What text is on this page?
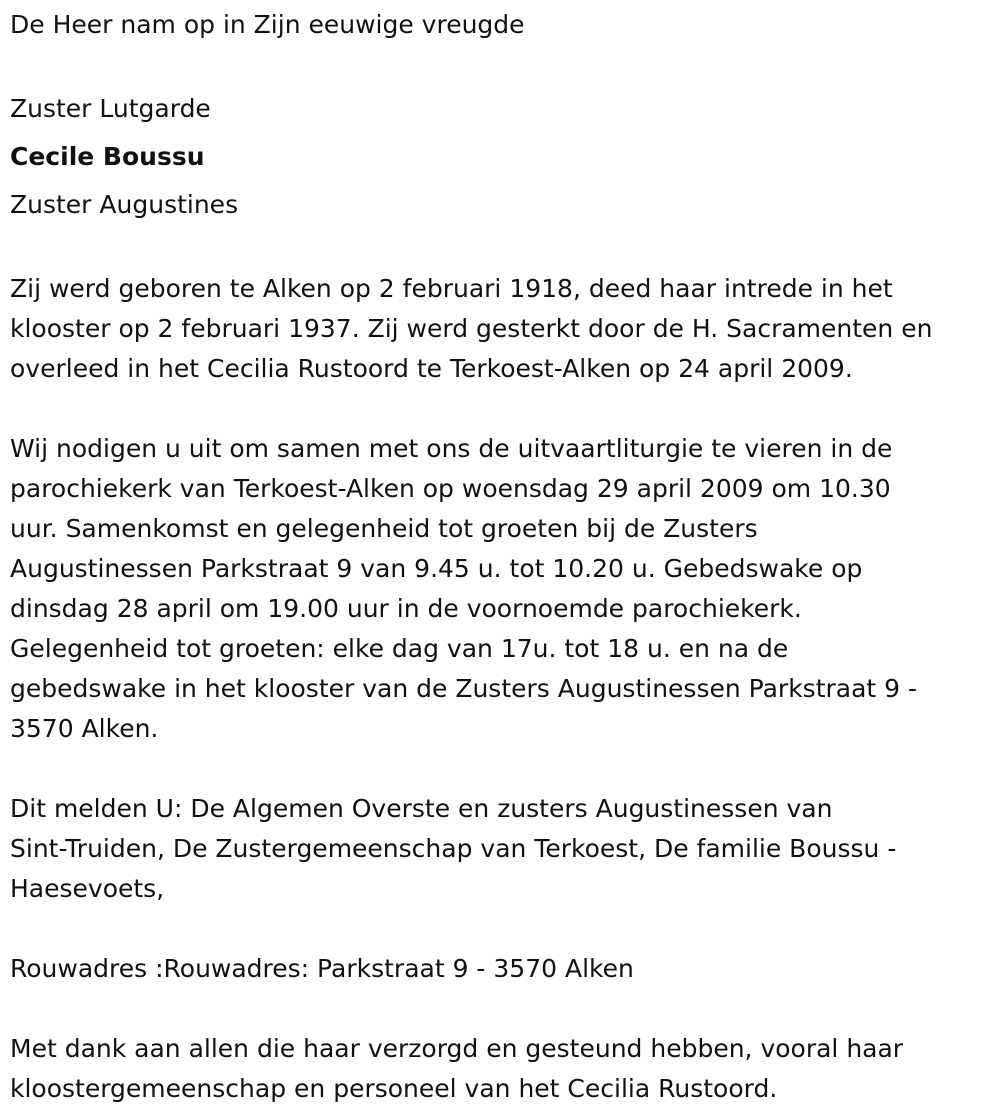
De Heer nam op in Zijn eeuwige vreugde

Zuster Lutgarde

Cecile Boussu

Zuster Augustines

Zij werd geboren te Alken op 2 februari 1918, deed haar intrede in het
klooster op 2 februari 1937. Zij werd gesterkt door de H. Sacramenten en
overleed in het Cecilia Rustoord te Terkoest-Alken op 24 april 2009.

Wij nodigen u uit om samen met ons de uitvaartliturgie te vieren in de
parochiekerk van Terkoest-Alken op woensdag 29 april 2009 om 10.30
uur. Samenkomst en gelegenheid tot groeten bij de Zusters
Augustinessen Parkstraat 9 van 9.45 u. tot 10.20 u. Gebedswake op
dinsdag 28 april om 19.00 uur in de voornoemde parochiekerk.
Gelegenheid tot groeten: elke dag van 17u. tot 18 u. en na de
gebedswake in het klooster van de Zusters Augustinessen Parkstraat 9 -
3570 Alken.

Dit melden U: De Algemen Overste en zusters Augustinessen van
Sint-Truiden, De Zustergemeenschap van Terkoest, De familie Boussu -
Haesevoets,

Rouwadres :Rouwadres: Parkstraat 9 - 3570 Alken

Met dank aan allen die haar verzorgd en gesteund hebben, vooral haar
kloostergemeenschap en personeel van het Cecilia Rustoord.
